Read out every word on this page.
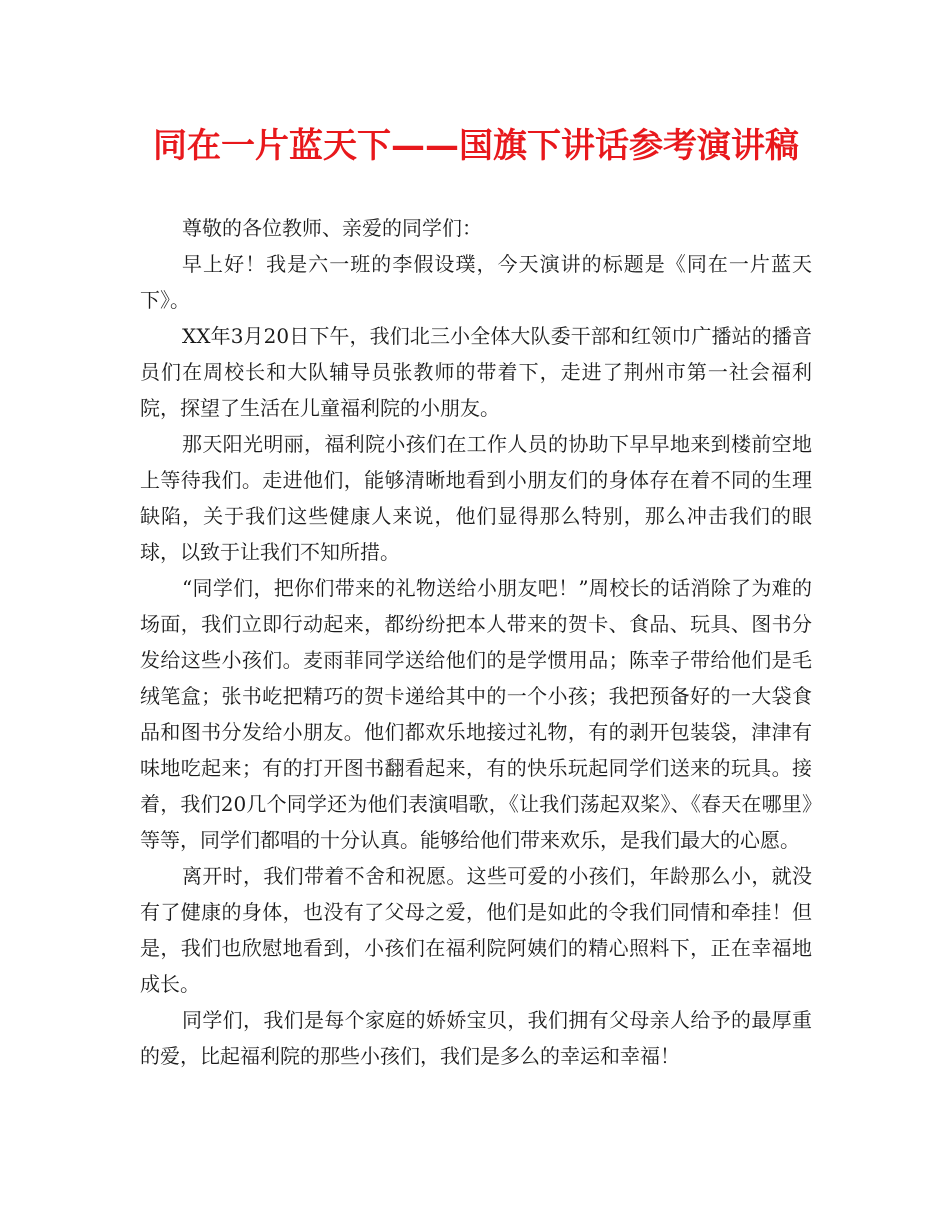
同在一片蓝天下——国旗下讲话参考演讲稿

尊敬的各位教师、亲爱的同学们：

早上好！我是六一班的李假设璞，今天演讲的标题是《同在一片蓝天下》。

XX年3月20日下午，我们北三小全体大队委干部和红领巾广播站的播音员们在周校长和大队辅导员张教师的带着下，走进了荆州市第一社会福利院，探望了生活在儿童福利院的小朋友。

那天阳光明丽，福利院小孩们在工作人员的协助下早早地来到楼前空地上等待我们。走进他们，能够清晰地看到小朋友们的身体存在着不同的生理缺陷，关于我们这些健康人来说，他们显得那么特别，那么冲击我们的眼球，以致于让我们不知所措。

“同学们，把你们带来的礼物送给小朋友吧！”周校长的话消除了为难的场面，我们立即行动起来，都纷纷把本人带来的贺卡、食品、玩具、图书分发给这些小孩们。麦雨菲同学送给他们的是学惯用品；陈幸子带给他们是毛绒笔盒；张书屹把精巧的贺卡递给其中的一个小孩；我把预备好的一大袋食品和图书分发给小朋友。他们都欢乐地接过礼物，有的剥开包装袋，津津有味地吃起来；有的打开图书翻看起来，有的快乐玩起同学们送来的玩具。接着，我们20几个同学还为他们表演唱歌，《让我们荡起双桨》、《春天在哪里》等等，同学们都唱的十分认真。能够给他们带来欢乐，是我们最大的心愿。

离开时，我们带着不舍和祝愿。这些可爱的小孩们，年龄那么小，就没有了健康的身体，也没有了父母之爱，他们是如此的令我们同情和牵挂！但是，我们也欣慰地看到，小孩们在福利院阿姨们的精心照料下，正在幸福地成长。

同学们，我们是每个家庭的娇娇宝贝，我们拥有父母亲人给予的最厚重的爱，比起福利院的那些小孩们，我们是多么的幸运和幸福！
